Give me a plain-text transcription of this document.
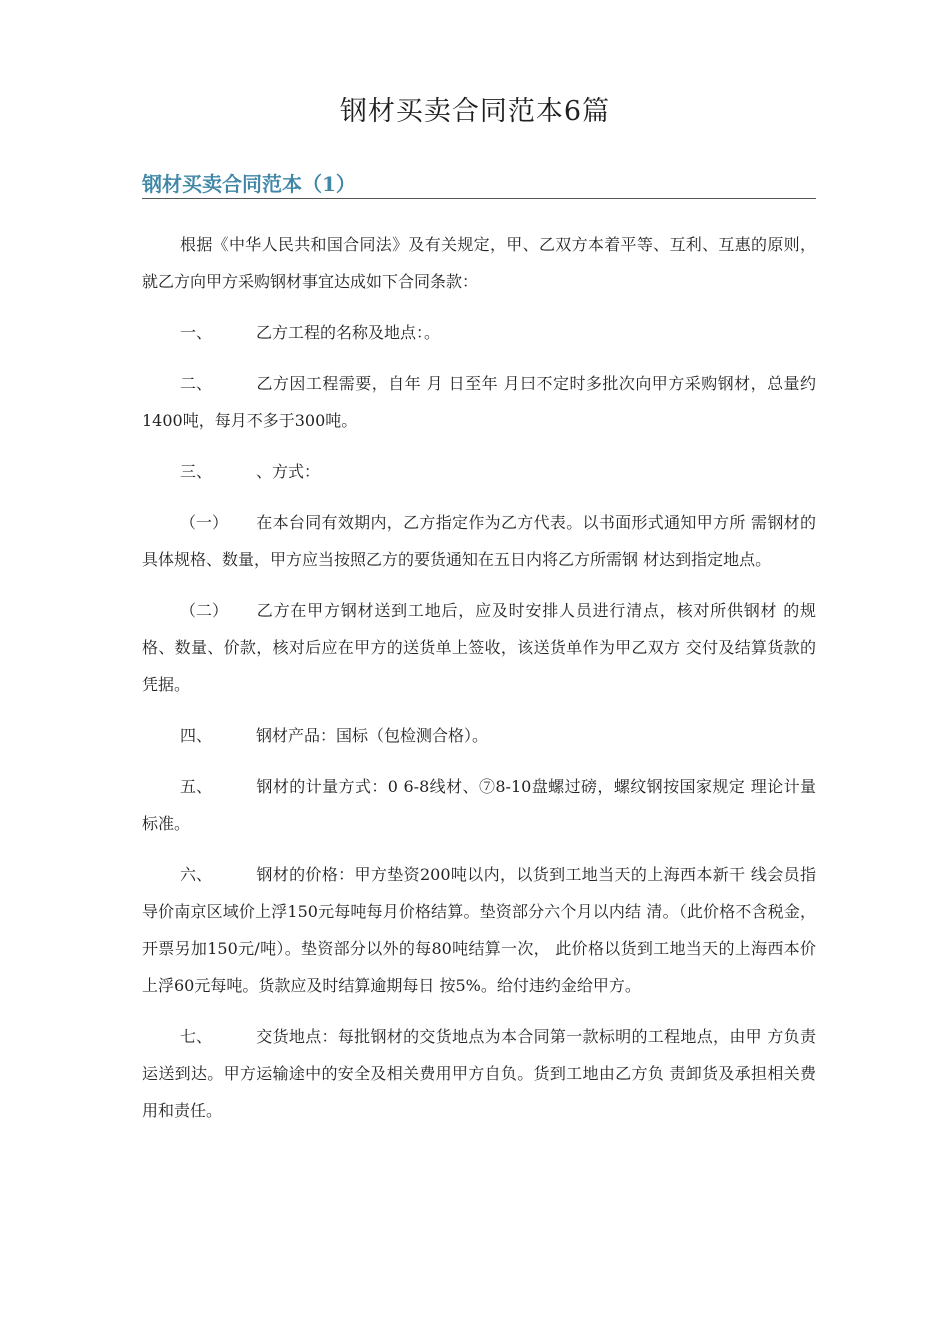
钢材买卖合同范本6篇
钢材买卖合同范本（1）

根据《中华人民共和国合同法》及有关规定，甲、乙双方本着平等、互利、互惠的原则，就乙方向甲方采购钢材事宜达成如下合同条款：

一、	乙方工程的名称及地点：。

二、	乙方因工程需要，自年 月 日至年 月曰不定时多批次向甲方采购钢材，总量约1400吨，每月不多于300吨。

三、	、方式：

（一） 在本台同有效期内，乙方指定作为乙方代表。以书面形式通知甲方所 需钢材的具体规格、数量，甲方应当按照乙方的要货通知在五日内将乙方所需钢 材达到指定地点。

（二） 乙方在甲方钢材送到工地后，应及时安排人员进行清点，核对所供钢材 的规格、数量、价款，核对后应在甲方的送货单上签收，该送货单作为甲乙双方 交付及结算货款的凭据。

四、	钢材产品：国标（包检测合格）。

五、	钢材的计量方式：0 6-8线材、⑦8-10盘螺过磅，螺纹钢按国家规定 理论计量标准。

六、	钢材的价格：甲方垫资200吨以内，以货到工地当天的上海西本新干 线会员指导价南京区域价上浮150元每吨每月价格结算。垫资部分六个月以内结 清。（此价格不含税金，开票另加150元/吨）。垫资部分以外的每80吨结算一次， 此价格以货到工地当天的上海西本价上浮60元每吨。货款应及时结算逾期每日 按5%。给付违约金给甲方。

七、	交货地点：每批钢材的交货地点为本合同第一款标明的工程地点，由甲 方负责运送到达。甲方运输途中的安全及相关费用甲方自负。货到工地由乙方负 责卸货及承担相关费用和责任。
